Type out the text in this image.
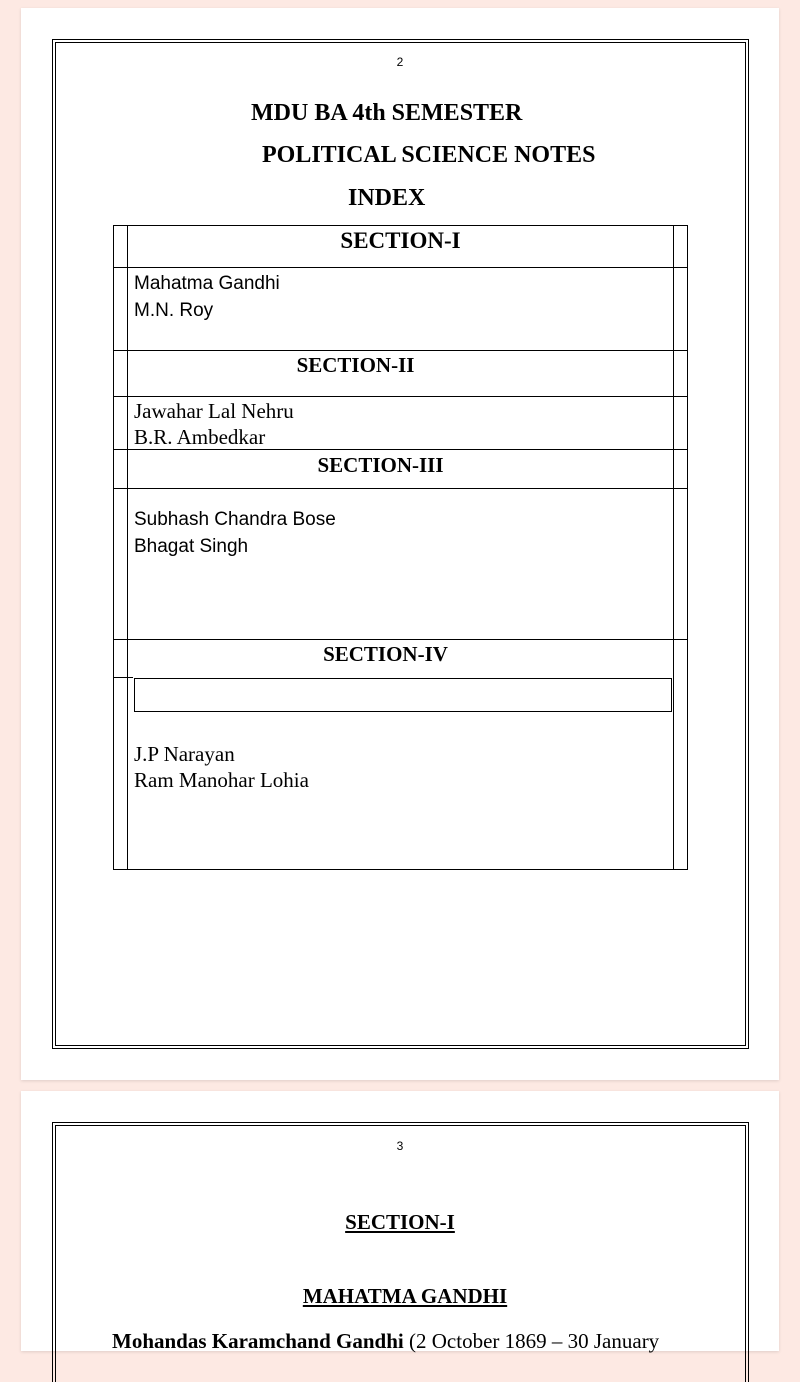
2
MDU BA 4th SEMESTER
POLITICAL SCIENCE NOTES
INDEX
SECTION-I
Mahatma Gandhi
M.N. Roy
SECTION-II
Jawahar Lal Nehru
B.R. Ambedkar
SECTION-III
Subhash Chandra Bose
Bhagat Singh
SECTION-IV
J.P Narayan
Ram Manohar Lohia
3
SECTION-I
MAHATMA GANDHI
Mohandas Karamchand Gandhi (2 October 1869 – 30 January
